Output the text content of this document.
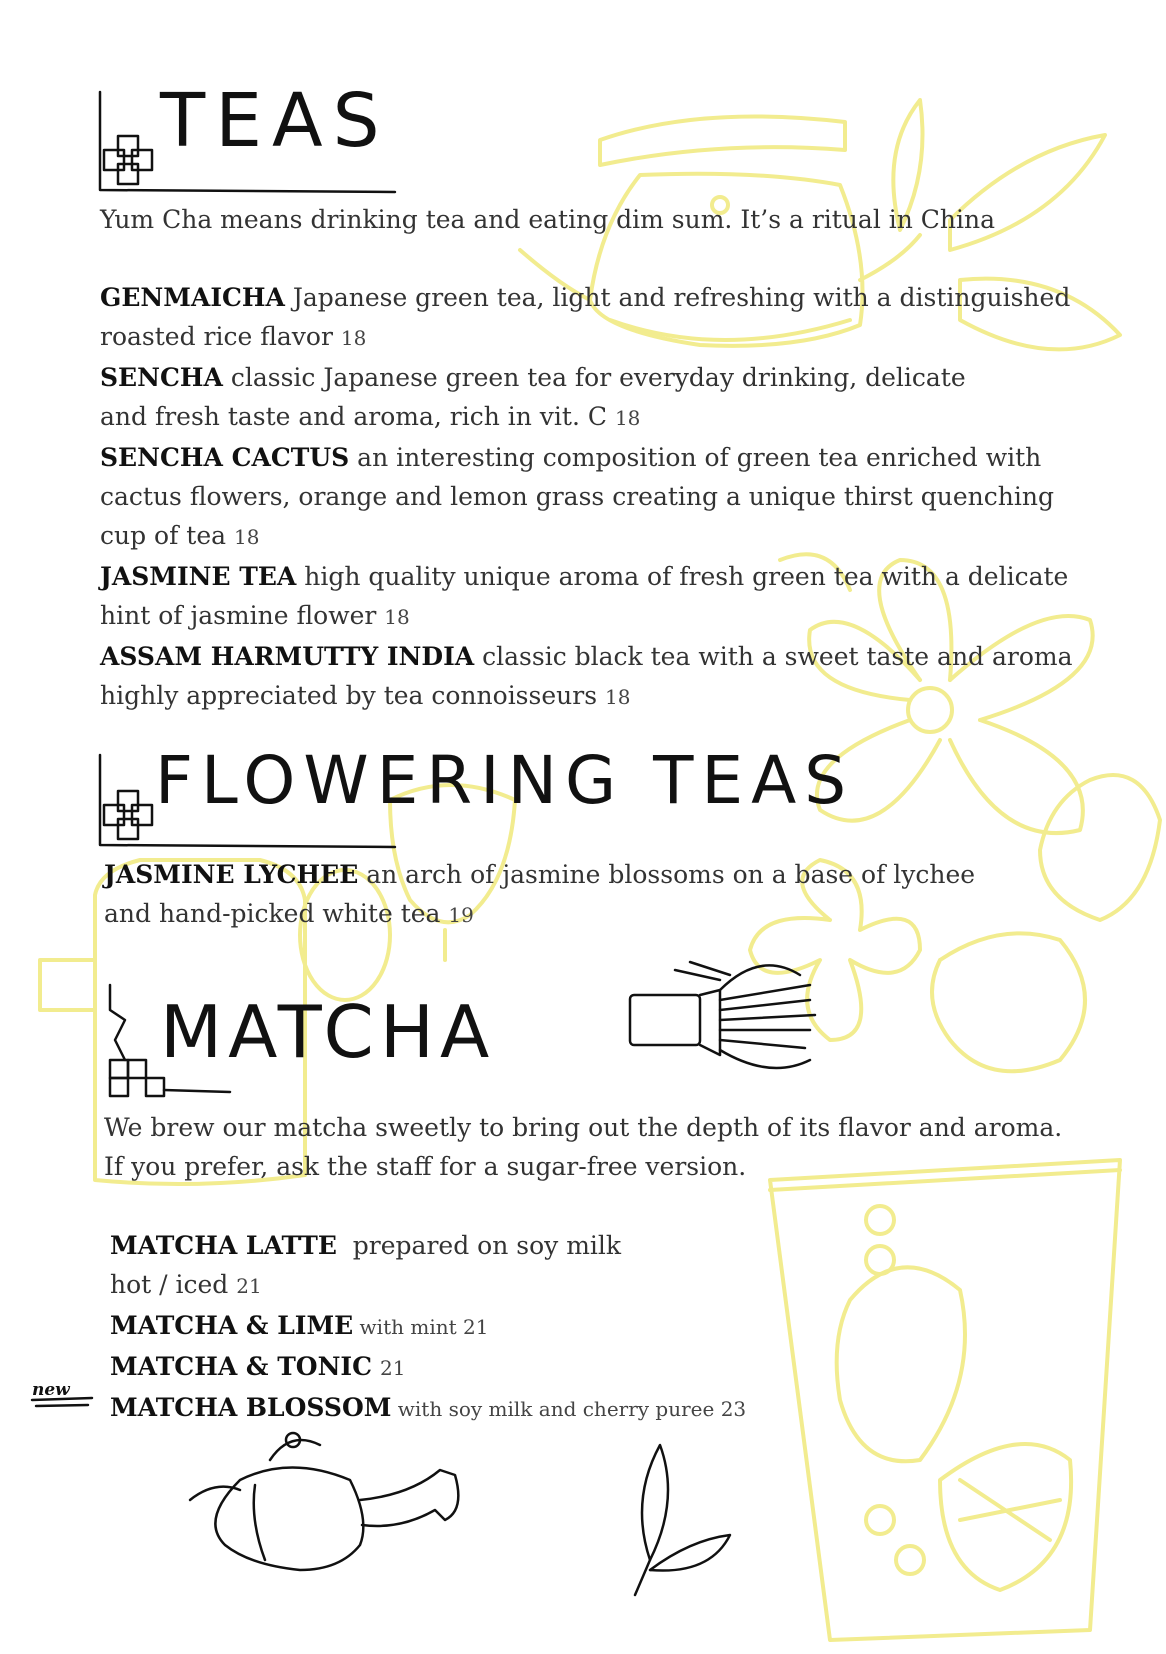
TEAS

Yum Cha means drinking tea and eating dim sum. It’s a ritual in China

GENMAICHA Japanese green tea, light and refreshing with a distinguished
roasted rice flavor 18

SENCHA classic Japanese green tea for everyday drinking, delicate
and fresh taste and aroma, rich in vit. C 18

SENCHA CACTUS an interesting composition of green tea enriched with
cactus flowers, orange and lemon grass creating a unique thirst quenching
cup of tea 18

JASMINE TEA high quality unique aroma of fresh green tea with a delicate
hint of jasmine flower 18

ASSAM HARMUTTY INDIA classic black tea with a sweet taste and aroma
highly appreciated by tea connoisseurs 18

FLOWERING TEAS

JASMINE LYCHEE an arch of jasmine blossoms on a base of lychee
and hand-picked white tea 19

MATCHA

We brew our matcha sweetly to bring out the depth of its flavor and aroma.

If you prefer, ask the staff for a sugar-free version.

MATCHA LATTE  prepared on soy milk
hot / iced 21

MATCHA & LIME with mint 21

MATCHA & TONIC 21

MATCHA BLOSSOM with soy milk and cherry puree 23

new
